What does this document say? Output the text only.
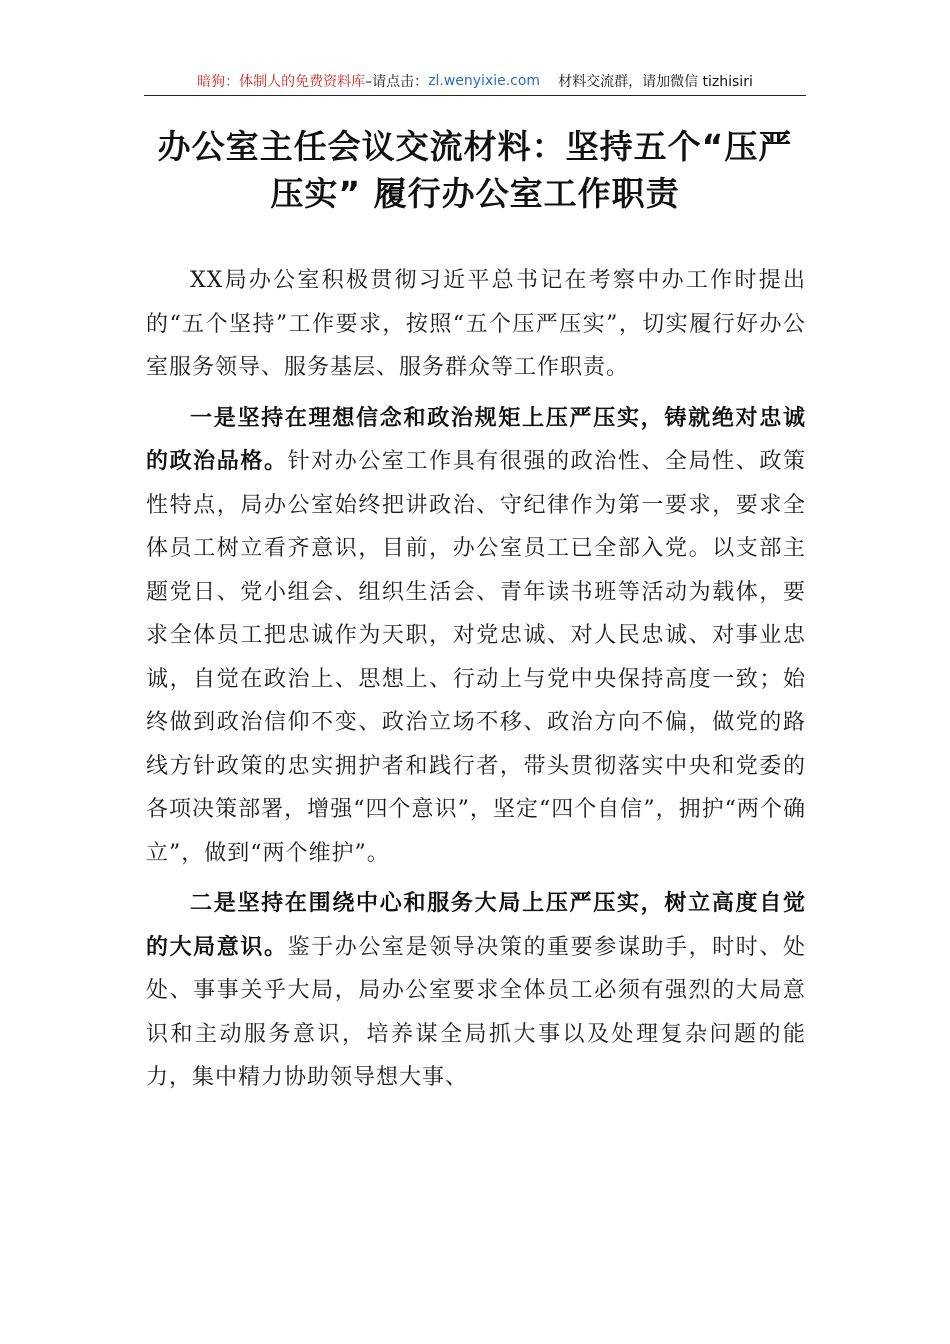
暗狗：体制人的免费资料库 –请点击： zl.wenyixie.com 材料交流群，请加微信 tizhisiri
办公室主任会议交流材料：坚持五个“压严压实” 履行办公室工作职责

XX局办公室积极贯彻习近平总书记在考察中办工作时提出的“五个坚持”工作要求，按照“五个压严压实”，切实履行好办公室服务领导、服务基层、服务群众等工作职责。

一是坚持在理想信念和政治规矩上压严压实，铸就绝对忠诚的政治品格。针对办公室工作具有很强的政治性、全局性、政策性特点，局办公室始终把讲政治、守纪律作为第一要求，要求全体员工树立看齐意识，目前，办公室员工已全部入党。以支部主题党日、党小组会、组织生活会、青年读书班等活动为载体，要求全体员工把忠诚作为天职，对党忠诚、对人民忠诚、对事业忠诚，自觉在政治上、思想上、行动上与党中央保持高度一致；始终做到政治信仰不变、政治立场不移、政治方向不偏，做党的路线方针政策的忠实拥护者和践行者，带头贯彻落实中央和党委的各项决策部署，增强“四个意识”，坚定“四个自信”，拥护“两个确立”，做到“两个维护”。

二是坚持在围绕中心和服务大局上压严压实，树立高度自觉的大局意识。鉴于办公室是领导决策的重要参谋助手，时时、处处、事事关乎大局，局办公室要求全体员工必须有强烈的大局意识和主动服务意识，培养谋全局抓大事以及处理复杂问题的能力，集中精力协助领导想大事、
